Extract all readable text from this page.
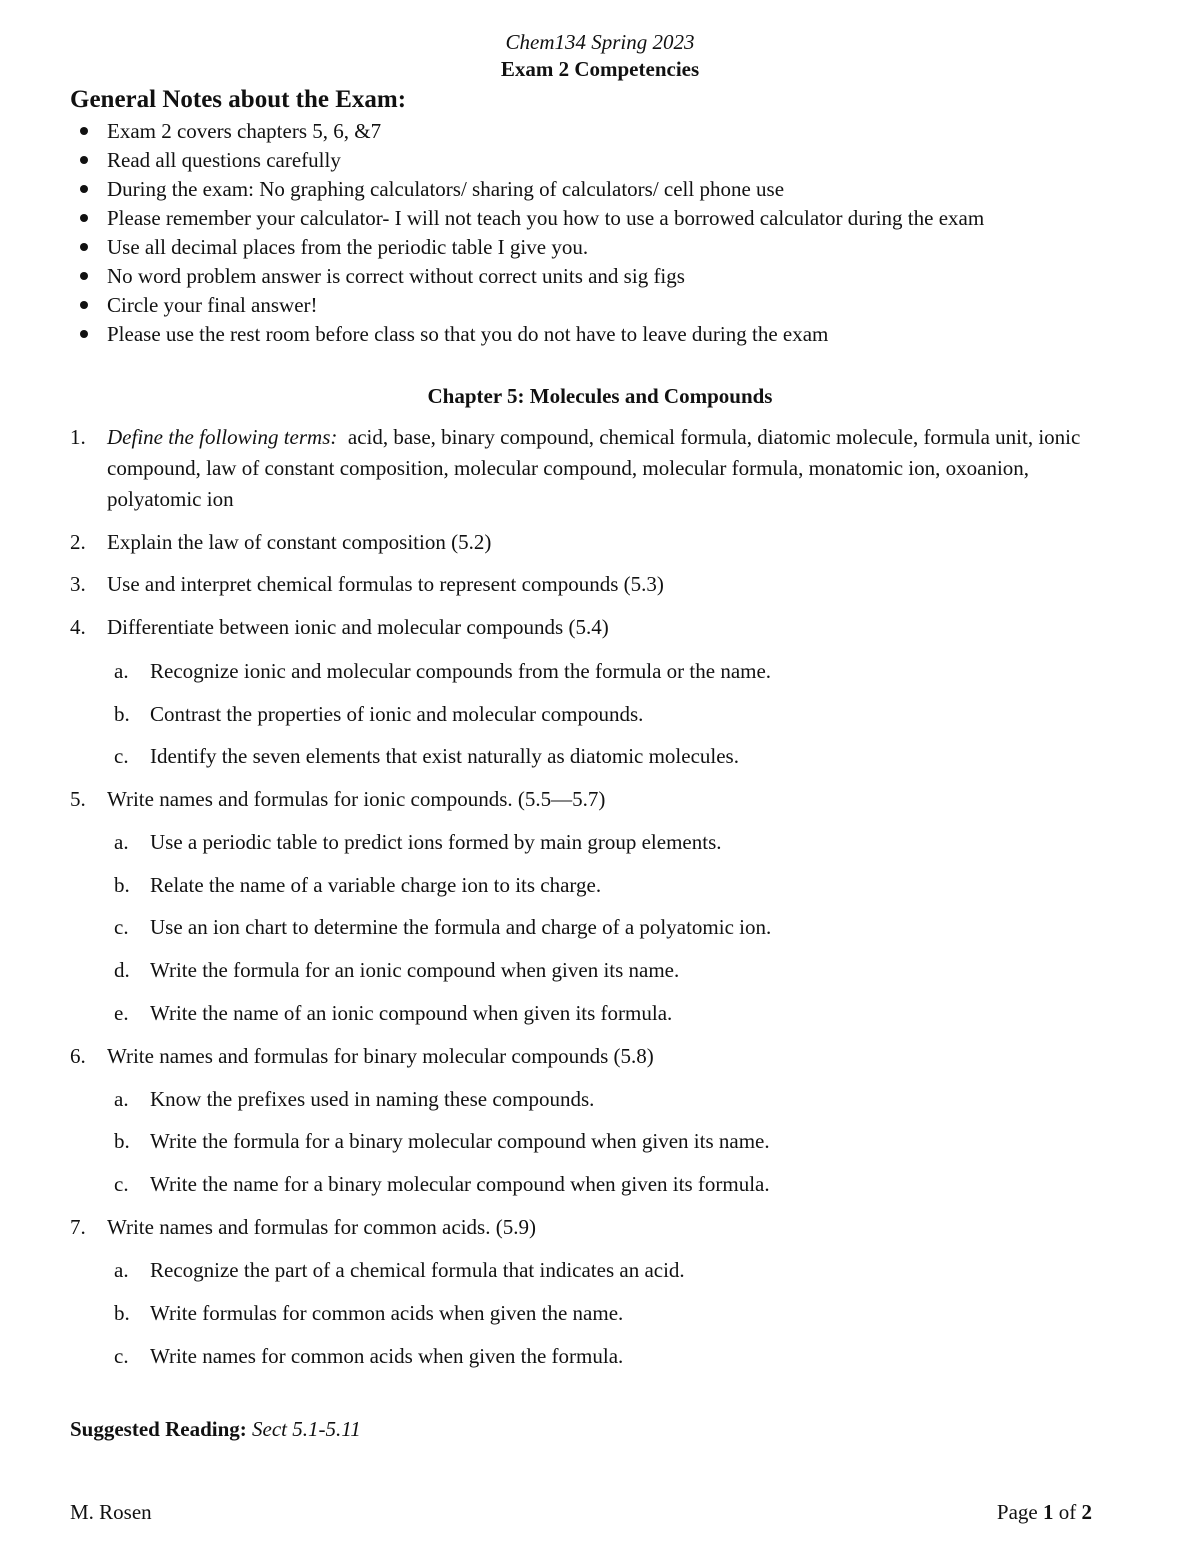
Chem134 Spring 2023
Exam 2 Competencies
General Notes about the Exam:
Exam 2 covers chapters 5, 6, &7
Read all questions carefully
During the exam: No graphing calculators/ sharing of calculators/ cell phone use
Please remember your calculator- I will not teach you how to use a borrowed calculator during the exam
Use all decimal places from the periodic table I give you.
No word problem answer is correct without correct units and sig figs
Circle your final answer!
Please use the rest room before class so that you do not have to leave during the exam
Chapter 5: Molecules and Compounds
1. Define the following terms: acid, base, binary compound, chemical formula, diatomic molecule, formula unit, ionic compound, law of constant composition, molecular compound, molecular formula, monatomic ion, oxoanion, polyatomic ion
2. Explain the law of constant composition (5.2)
3. Use and interpret chemical formulas to represent compounds (5.3)
4. Differentiate between ionic and molecular compounds (5.4)
a. Recognize ionic and molecular compounds from the formula or the name.
b. Contrast the properties of ionic and molecular compounds.
c. Identify the seven elements that exist naturally as diatomic molecules.
5. Write names and formulas for ionic compounds. (5.5—5.7)
a. Use a periodic table to predict ions formed by main group elements.
b. Relate the name of a variable charge ion to its charge.
c. Use an ion chart to determine the formula and charge of a polyatomic ion.
d. Write the formula for an ionic compound when given its name.
e. Write the name of an ionic compound when given its formula.
6. Write names and formulas for binary molecular compounds (5.8)
a. Know the prefixes used in naming these compounds.
b. Write the formula for a binary molecular compound when given its name.
c. Write the name for a binary molecular compound when given its formula.
7. Write names and formulas for common acids. (5.9)
a. Recognize the part of a chemical formula that indicates an acid.
b. Write formulas for common acids when given the name.
c. Write names for common acids when given the formula.
Suggested Reading: Sect 5.1-5.11
M. Rosen	Page 1 of 2
